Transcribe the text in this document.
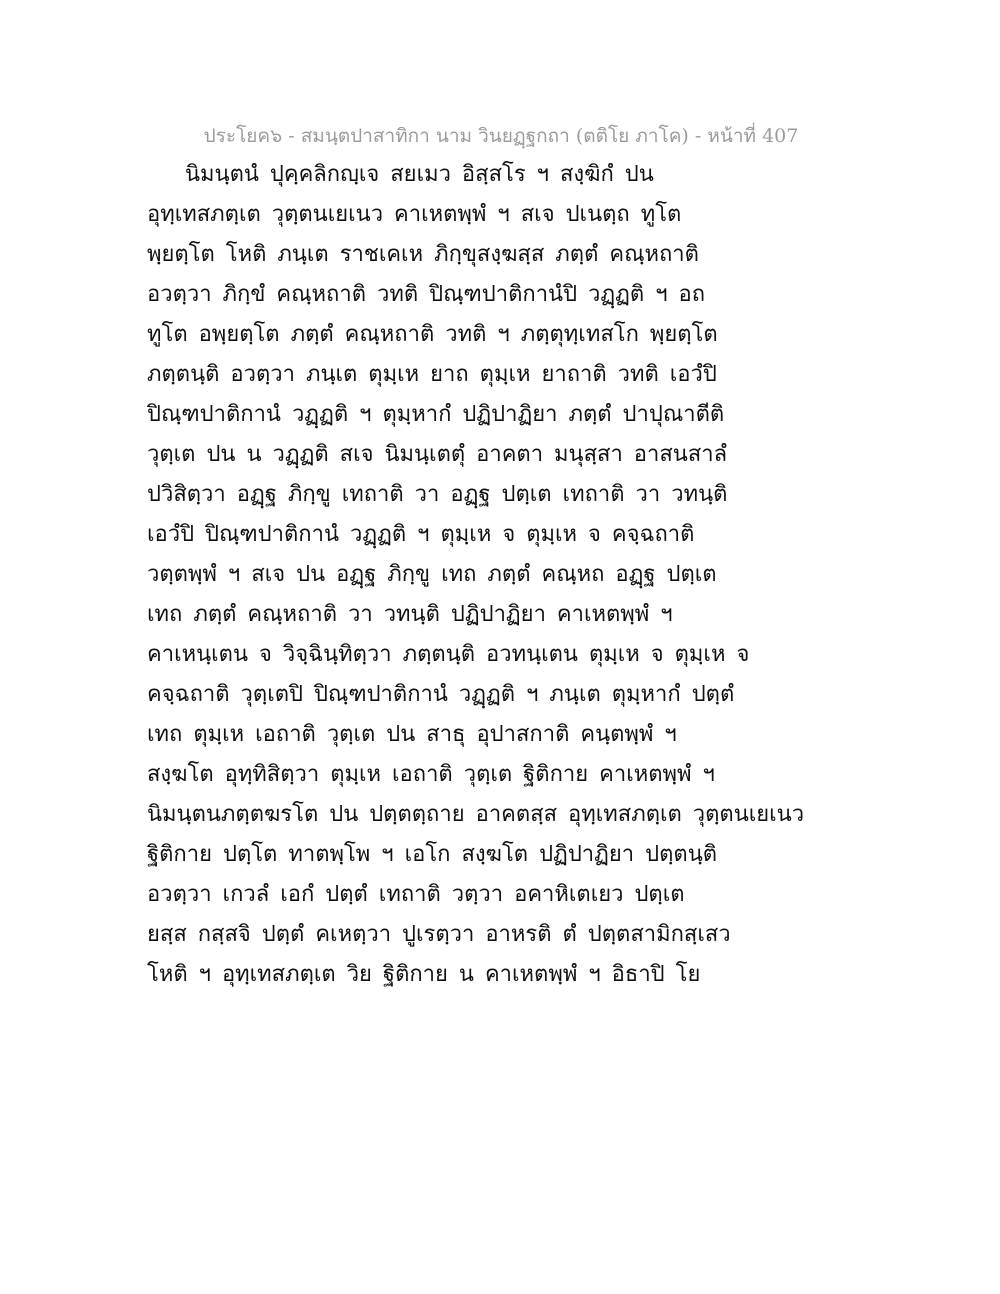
ประโยค๖ - สมนฺตปาสาทิกา นาม วินยฏฺฐกถา (ตติโย ภาโค) - หน้าที่ 407
นิมนฺตนํ ปุคฺคลิกญฺเจ สยเมว อิสฺสโร ฯ สงฺฆิกํ ปน
อุทฺเทสภตฺเต วุตฺตนเยเนว คาเหตพฺพํ ฯ สเจ ปเนตฺถ ทูโต
พฺยตฺโต โหติ ภนฺเต ราชเคเห ภิกฺขุสงฺฆสฺส ภตฺตํ คณฺหถาติ
อวตฺวา ภิกฺขํ คณฺหถาติ วทติ ปิณฺฑปาติกานํปิ วฏฺฏติ ฯ อถ
ทูโต อพฺยตฺโต ภตฺตํ คณฺหถาติ วทติ ฯ ภตฺตุทฺเทสโก พฺยตฺโต
ภตฺตนฺติ อวตฺวา ภนฺเต ตุมฺเห ยาถ ตุมฺเห ยาถาติ วทติ เอวํปิ
ปิณฺฑปาติกานํ วฏฺฏติ ฯ ตุมฺหากํ ปฏิปาฏิยา ภตฺตํ ปาปุณาตีติ
วุตฺเต ปน น วฏฺฏติ สเจ นิมนฺเตตุํ อาคตา มนุสฺสา อาสนสาลํ
ปวิสิตฺวา อฏฺฐ ภิกฺขู เทถาติ วา อฏฺฐ ปตฺเต เทถาติ วา วทนฺติ
เอวํปิ ปิณฺฑปาติกานํ วฏฺฏติ ฯ ตุมฺเห จ ตุมฺเห จ คจฺฉถาติ
วตฺตพฺพํ ฯ สเจ ปน อฏฺฐ ภิกฺขู เทถ ภตฺตํ คณฺหถ อฏฺฐ ปตฺเต
เทถ ภตฺตํ คณฺหถาติ วา วทนฺติ ปฏิปาฏิยา คาเหตพฺพํ ฯ
คาเหนฺเตน จ วิจฺฉินฺทิตฺวา ภตฺตนฺติ อวทนฺเตน ตุมฺเห จ ตุมฺเห จ
คจฺฉถาติ วุตฺเตปิ ปิณฺฑปาติกานํ วฏฺฏติ ฯ ภนฺเต ตุมฺหากํ ปตฺตํ
เทถ ตุมฺเห เอถาติ วุตฺเต ปน สาธุ อุปาสกาติ คนฺตพฺพํ ฯ
สงฺฆโต อุทฺทิสิตฺวา ตุมฺเห เอถาติ วุตฺเต ฐิติกาย คาเหตพฺพํ ฯ
นิมนฺตนภตฺตฆรโต ปน ปตฺตตฺถาย อาคตสฺส อุทฺเทสภตฺเต วุตฺตนเยเนว
ฐิติกาย ปตฺโต ทาตพฺโพ ฯ เอโก สงฺฆโต ปฏิปาฏิยา ปตฺตนฺติ
อวตฺวา เกวลํ เอกํ ปตฺตํ เทถาติ วตฺวา อคาหิเตเยว ปตฺเต
ยสฺส กสฺสจิ ปตฺตํ คเหตฺวา ปูเรตฺวา อาหรติ ตํ ปตฺตสามิกสฺเสว
โหติ ฯ อุทฺเทสภตฺเต วิย ฐิติกาย น คาเหตพฺพํ ฯ อิธาปิ โย
